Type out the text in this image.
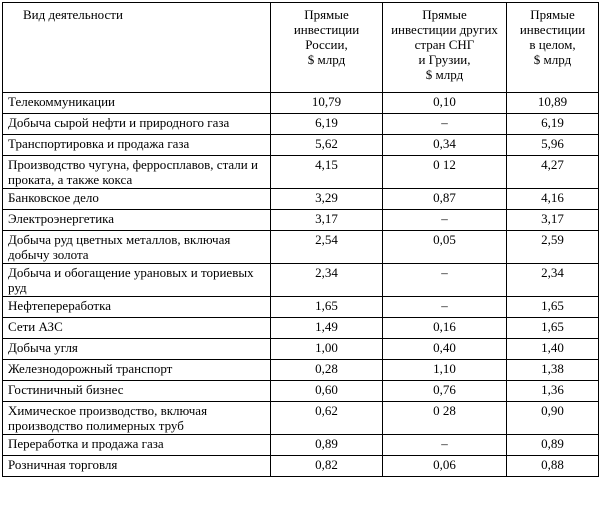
Вид деятельности	Прямые
инвестиции
России,
$ млрд	Прямые
инвестиции других
стран СНГ
и Грузии,
$ млрд	Прямые
инвестиции
в целом,
$ млрд
Телекоммуникации	10,79	0,10	10,89
Добыча сырой нефти и природного газа	6,19	–	6,19
Транспортировка и продажа газа	5,62	0,34	5,96
Производство чугуна, ферросплавов, стали и проката, а также кокса	4,15	0 12	4,27
Банковское дело	3,29	0,87	4,16
Электроэнергетика	3,17	–	3,17
Добыча руд цветных металлов, включая добычу золота	2,54	0,05	2,59
Добыча и обогащение урановых и ториевых руд	2,34	–	2,34
Нефтепереработка	1,65	–	1,65
Сети АЗС	1,49	0,16	1,65
Добыча угля	1,00	0,40	1,40
Железнодорожный транспорт	0,28	1,10	1,38
Гостиничный бизнес	0,60	0,76	1,36
Химическое производство, включая производство полимерных труб	0,62	0 28	0,90
Переработка и продажа газа	0,89	–	0,89
Розничная торговля	0,82	0,06	0,88
